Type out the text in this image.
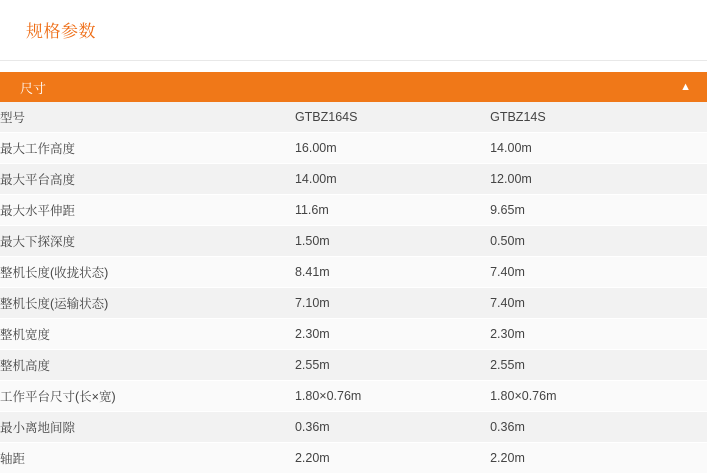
规格参数
尺寸	▲
型号	GTBZ164S	GTBZ14S
最大工作高度	16.00m	14.00m
最大平台高度	14.00m	12.00m
最大水平伸距	11.6m	9.65m
最大下探深度	1.50m	0.50m
整机长度(收拢状态)	8.41m	7.40m
整机长度(运输状态)	7.10m	7.40m
整机宽度	2.30m	2.30m
整机高度	2.55m	2.55m
工作平台尺寸(长×宽)	1.80×0.76m	1.80×0.76m
最小离地间隙	0.36m	0.36m
轴距	2.20m	2.20m
